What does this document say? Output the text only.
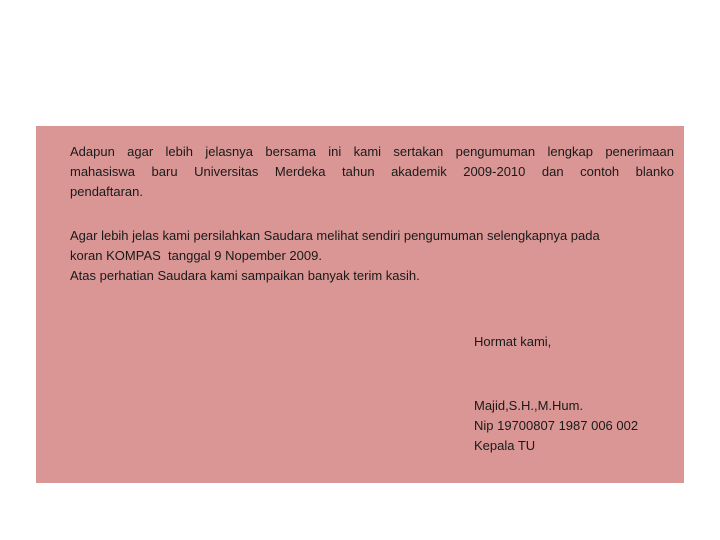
Adapun agar lebih jelasnya bersama ini kami sertakan pengumuman lengkap penerimaan
mahasiswa baru Universitas Merdeka tahun akademik 2009-2010 dan contoh blanko
pendaftaran.
Agar lebih jelas kami persilahkan Saudara melihat sendiri pengumuman selengkapnya pada
koran KOMPAS  tanggal 9 Nopember 2009.
Atas perhatian Saudara kami sampaikan banyak terim kasih.
Hormat kami,
Majid,S.H.,M.Hum.
Nip 19700807 1987 006 002
Kepala TU
